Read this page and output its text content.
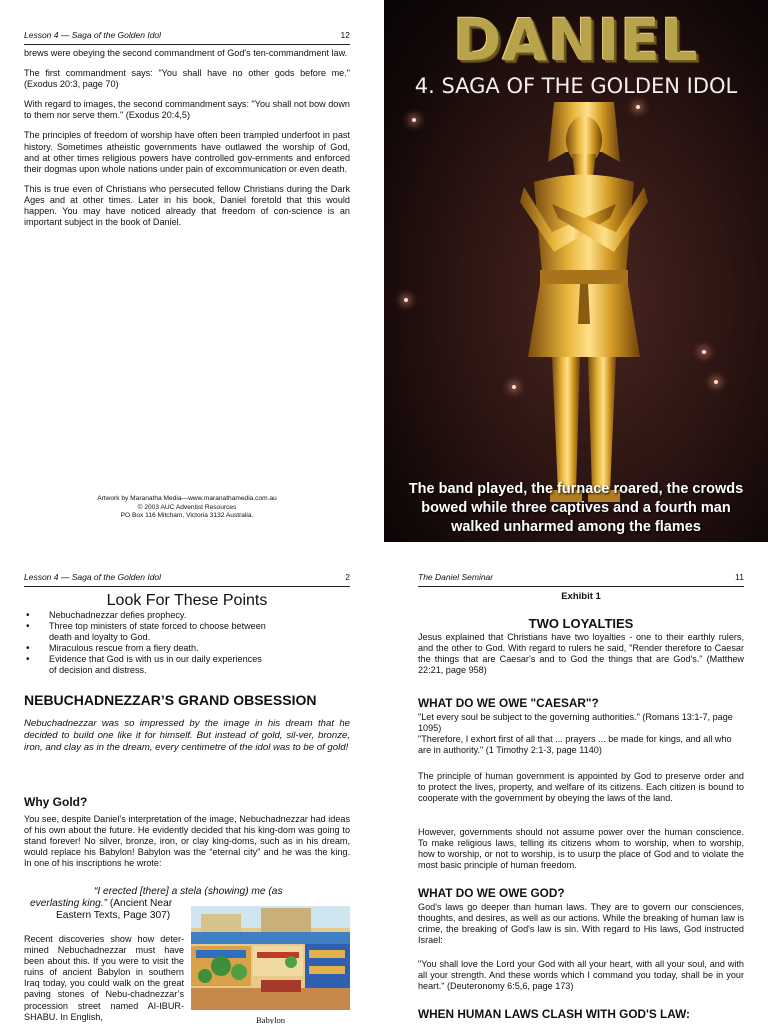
Lesson 4 — Saga of the Golden Idol	12

brews were obeying the second commandment of God's ten-commandment law.

The first commandment says: "You shall have no other gods before me." (Exodus 20:3, page 70)

With regard to images, the second commandment says: "You shall not bow down to them nor serve them." (Exodus 20:4,5)

The principles of freedom of worship have often been trampled underfoot in past history. Sometimes atheistic governments have outlawed the worship of God, and at other times religious powers have controlled gov-ernments and enforced their dogmas upon whole nations under pain of excommunication or even death.

This is true even of Christians who persecuted fellow Christians during the Dark Ages and at other times. Later in his book, Daniel foretold that this would happen. You may have noticed already that freedom of con-science is an important subject in the book of Daniel.

Artwork by Maranatha Media—www.maranathamedia.com.au
© 2003 AUC Adventist Resources
PO Box 116 Mitcham, Victoria 3132 Australia.
DANIEL
4. SAGA OF THE GOLDEN IDOL
The band played, the furnace roared, the crowds bowed while three captives and a fourth man walked unharmed among the flames
Lesson 4 — Saga of the Golden Idol	2
Look For These Points
• Nebuchadnezzar defies prophecy.
• Three top ministers of state forced to choose between death and loyalty to God.
• Miraculous rescue from a fiery death.
• Evidence that God is with us in our daily experiences of decision and distress.
NEBUCHADNEZZAR’S GRAND OBSESSION
Nebuchadnezzar was so impressed by the image in his dream that he decided to build one like it for himself. But instead of gold, sil-ver, bronze, iron, and clay as in the dream, every centimetre of the idol was to be of gold!
Why Gold?

You see, despite Daniel’s interpretation of the image, Nebuchadnezzar had ideas of his own about the future. He evidently decided that his king-dom was going to stand forever! No silver, bronze, iron, or clay king-doms, such as in his dream, would replace his Babylon! Babylon was the “eternal city” and he was the king. In one of his inscriptions he wrote:

“I erected [there] a stela (showing) me (as
everlasting king.” (Ancient Near
Eastern Texts, Page 307)

Recent discoveries show how deter-mined Nebuchadnezzar must have been about this. If you were to visit the ruins of ancient Babylon in southern Iraq today, you could walk on the great paving stones of Nebu-chadnezzar’s procession street named AI-IBUR-SHABU. In English,	Babylon
The Daniel Seminar	11
Exhibit 1
TWO LOYALTIES

Jesus explained that Christians have two loyalties - one to their earthly rulers, and the other to God. With regard to rulers he said, "Render therefore to Caesar the things that are Caesar's and to God the things that are God's." (Matthew 22:21, page 958)

WHAT DO WE OWE "CAESAR"?
"Let every soul be subject to the governing authorities." (Romans 13:1-7, page 1095)
"Therefore, I exhort first of all that ... prayers ... be made for kings, and all who are in authority." (1 Timothy 2:1-3, page 1140)

The principle of human government is appointed by God to preserve order and to protect the lives, property, and welfare of its citizens. Each citizen is bound to cooperate with the government by obeying the laws of the land.

However, governments should not assume power over the human conscience. To make religious laws, telling its citizens whom to worship, when to worship, how to worship, or not to worship, is to usurp the place of God and to violate the most basic principle of human freedom.

WHAT DO WE OWE GOD?

God's laws go deeper than human laws. They are to govern our consciences, thoughts, and desires, as well as our actions. While the breaking of human law is crime, the breaking of God's law is sin. With regard to His laws, God instructed Israel:

"You shall love the Lord your God with all your heart, with all your soul, and with all your strength. And these words which I command you today, shall be in your heart." (Deuteronomy 6:5,6, page 173)

WHEN HUMAN LAWS CLASH WITH GOD'S LAW:
